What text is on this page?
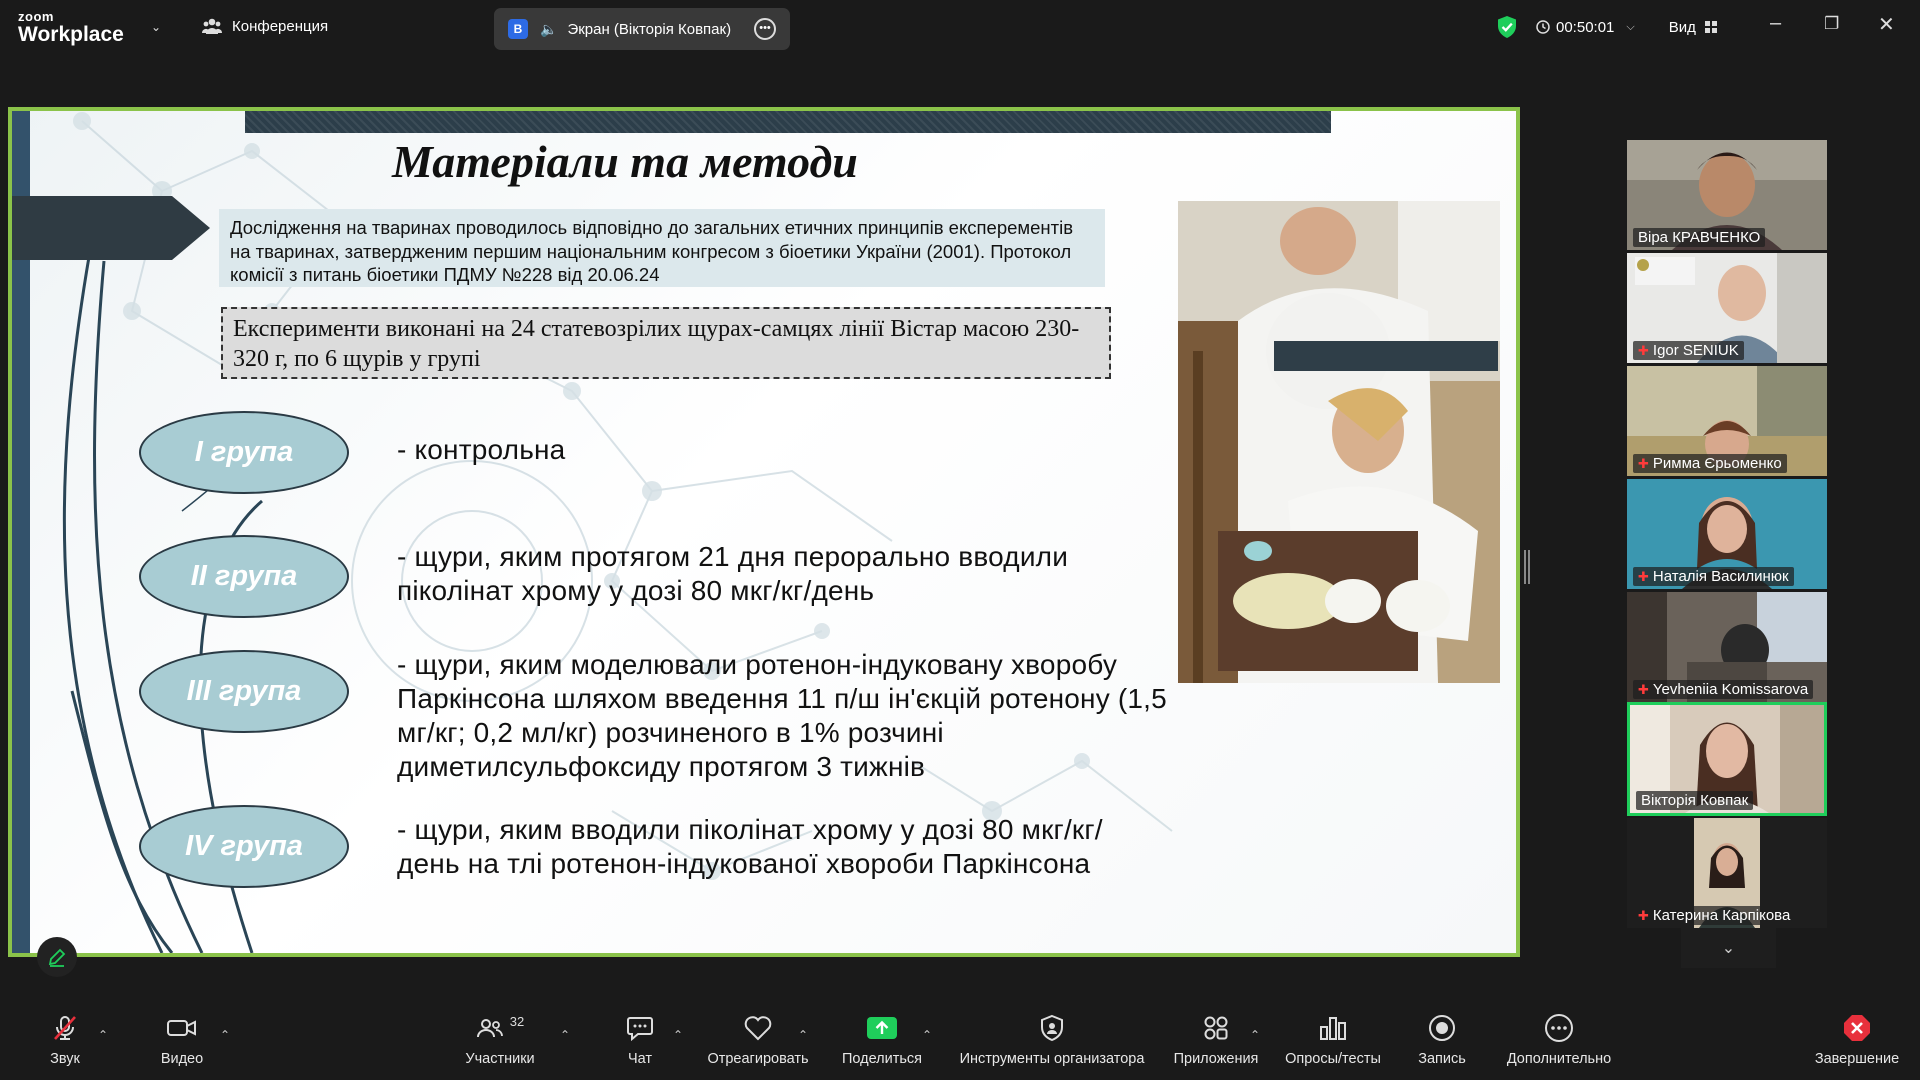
zoom
Workplace ⌄	Конференция	В	🔈 Экран (Вікторія Ковпак)	•••	00:50:01 ⌵ Вид	–	❐ ✕
Матеріали та методи
Дослідження на тваринах проводилось відповідно до загальних етичних принципів експерементів на тваринах, затвердженим першим національним конгресом з біоетики України (2001). Протокол комісії з питань біоетики ПДМУ №228 від 20.06.24
Експерименти виконані на 24 статевозрілих щурах-самцях лінії Вістар масою 230-320 г, по 6 щурів у групі
I група	- контрольна
II група
- щури, яким протягом 21 дня перорально вводили пiколінат хрому у дозі 80 мкг/кг/день
III група
- щури, яким моделювали ротенон-індуковану хворобу Паркінсона шляхом введення 11 п/ш ін'єкцій ротенону (1,5 мг/кг; 0,2 мл/кг) розчиненого в 1% розчині диметилсульфоксиду протягом 3 тижнів
IV група
- щури, яким вводили пiколінат хрому у дозі 80 мкг/кг/день на тлі ротенон-індукованої хвороби Паркінсона
Віра КРАВЧЕНКО
✚ Igor SENIUK
✚ Римма Єрьоменко
✚ Наталія Василинюк
✚ Yevheniia Komissarova
Вікторія Ковпак
✚ Катерина Карпікова
⌄
Звук
⌃
Видео
⌃
32
Участники
⌃
Чат
⌃
Отреагировать
⌃
Поделиться
⌃
Инструменты организатора Приложения
⌃
Опросы/тесты	Запись	Дополнительно	Завершение
